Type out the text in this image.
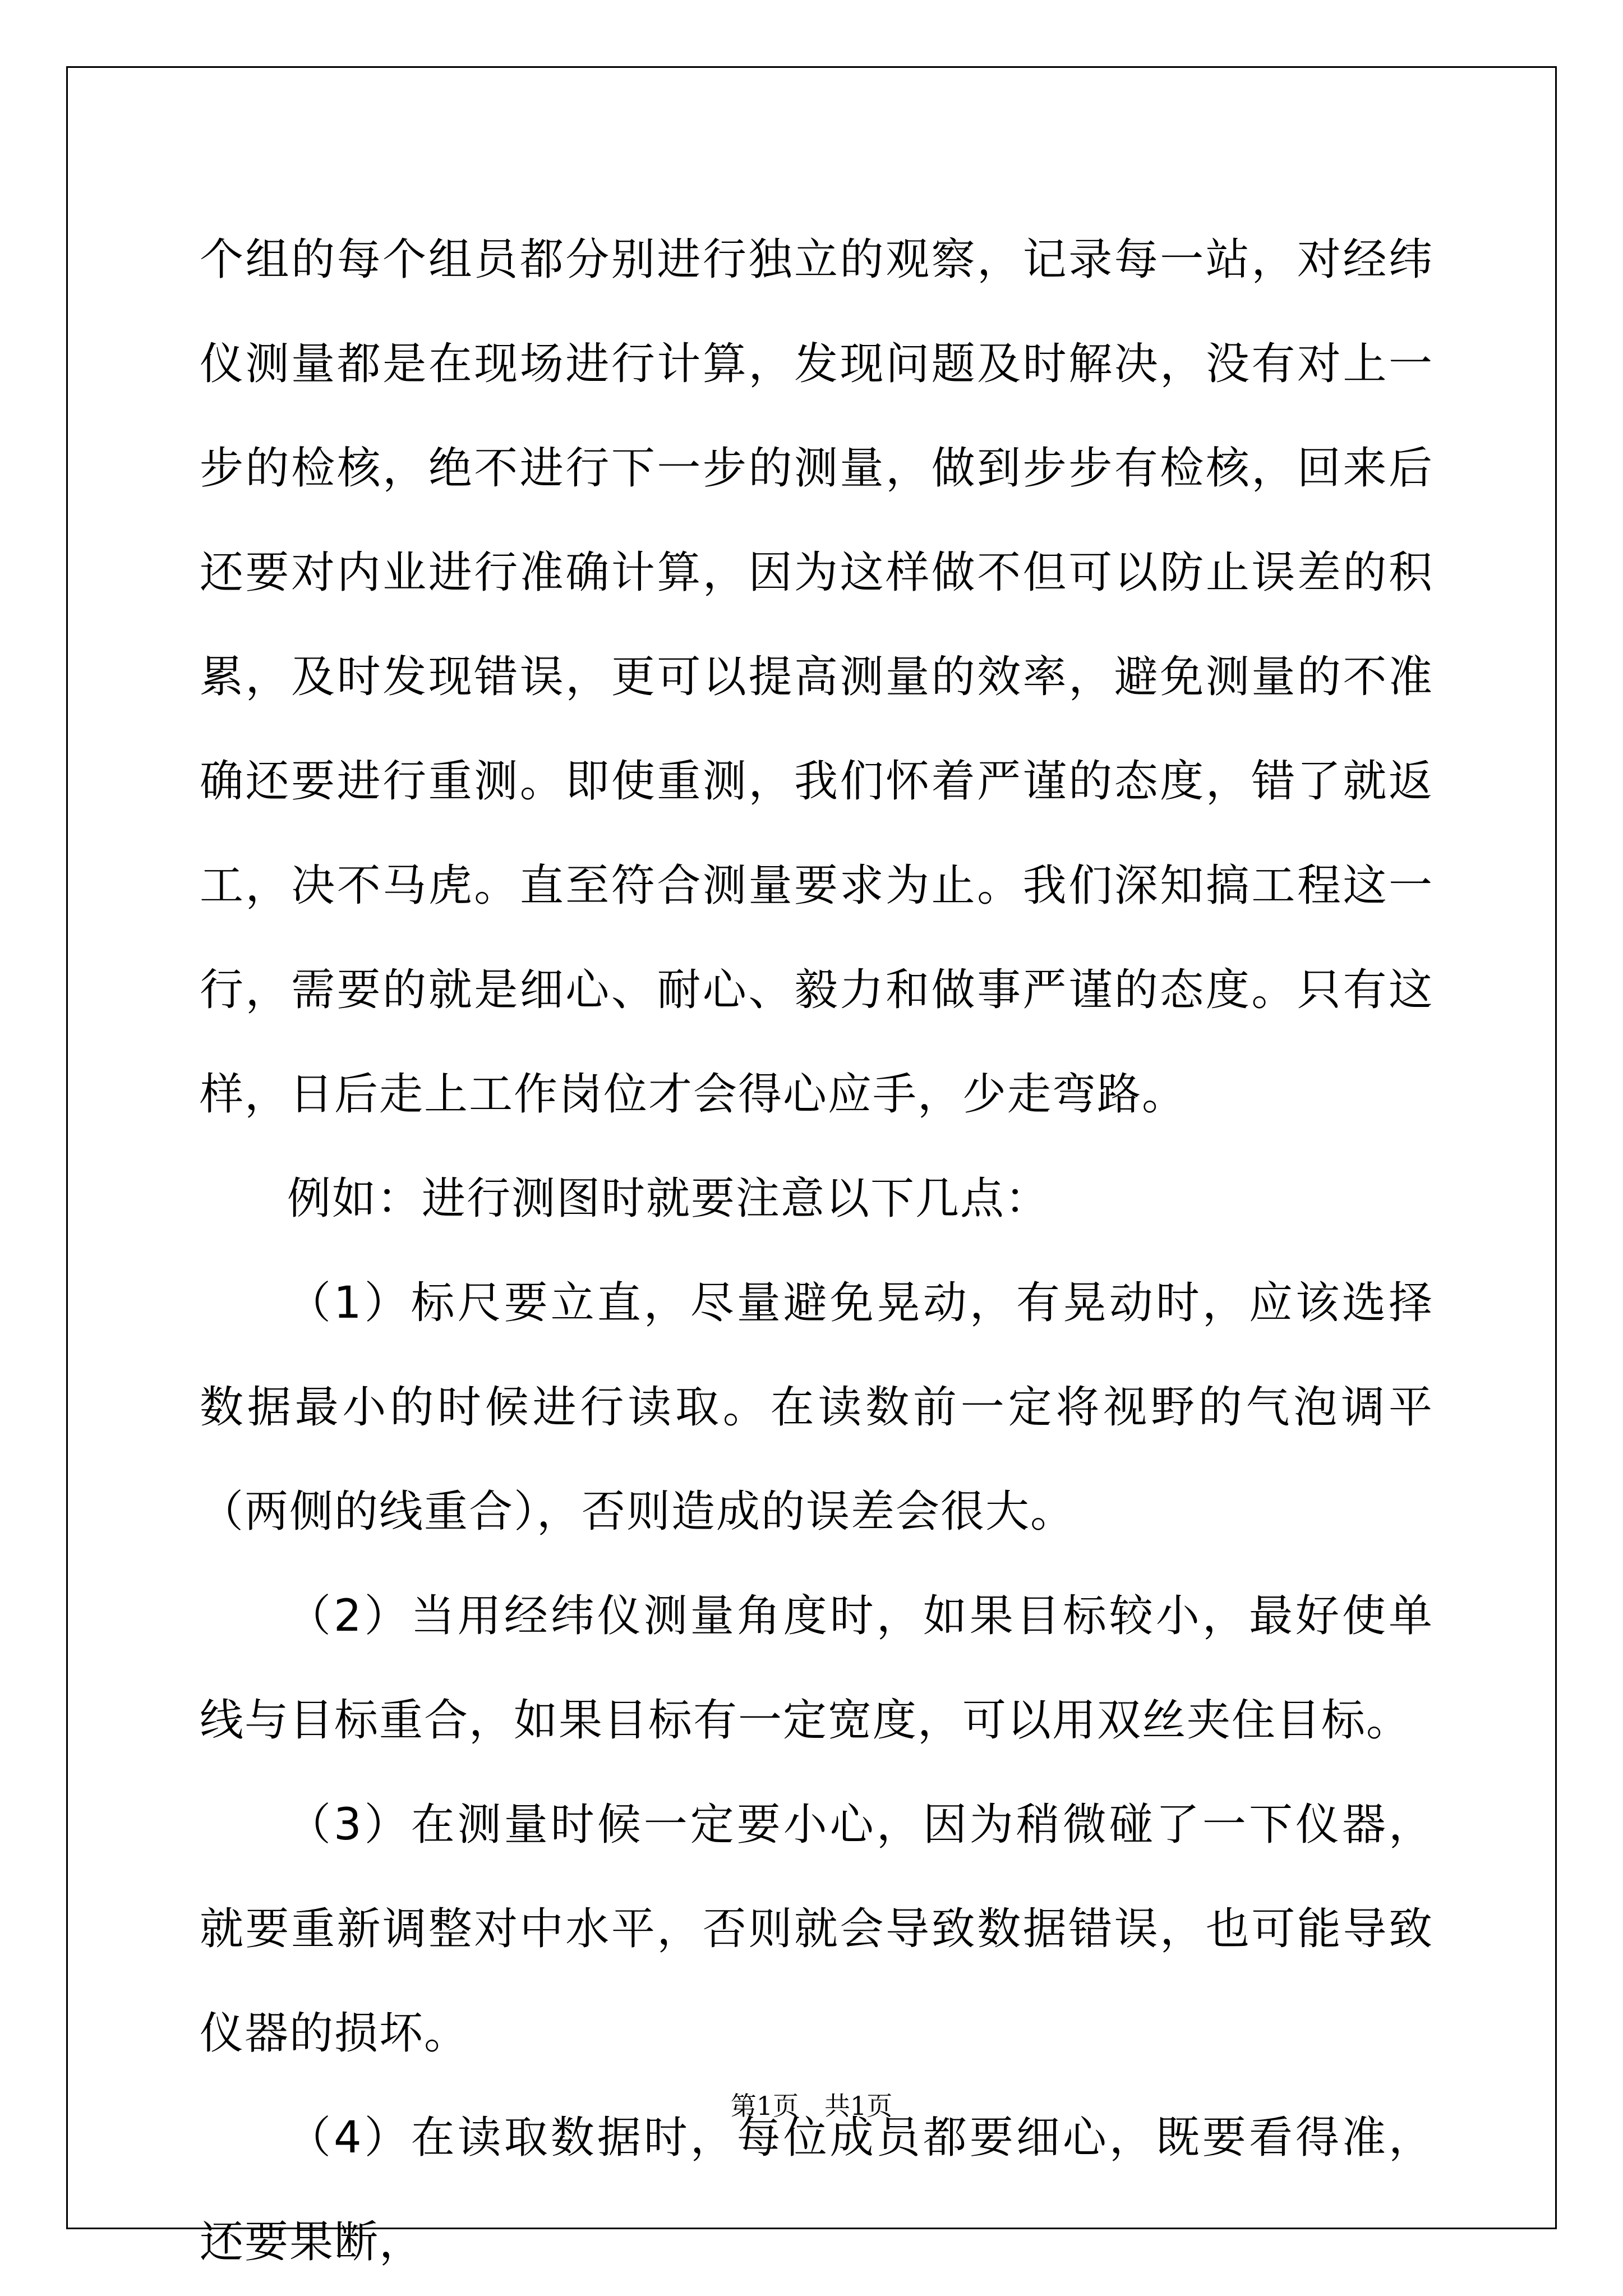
个组的每个组员都分别进行独立的观察，记录每一站，对经纬仪测量都是在现场进行计算，发现问题及时解决，没有对上一步的检核，绝不进行下一步的测量，做到步步有检核，回来后还要对内业进行准确计算，因为这样做不但可以防止误差的积累，及时发现错误，更可以提高测量的效率，避免测量的不准确还要进行重测。即使重测，我们怀着严谨的态度，错了就返工，决不马虎。直至符合测量要求为止。我们深知搞工程这一行，需要的就是细心、耐心、毅力和做事严谨的态度。只有这样，日后走上工作岗位才会得心应手，少走弯路。

例如：进行测图时就要注意以下几点：

（1）标尺要立直，尽量避免晃动，有晃动时，应该选择数据最小的时候进行读取。在读数前一定将视野的气泡调平（两侧的线重合），否则造成的误差会很大。

（2）当用经纬仪测量角度时，如果目标较小，最好使单线与目标重合，如果目标有一定宽度，可以用双丝夹住目标。

（3）在测量时候一定要小心，因为稍微碰了一下仪器，就要重新调整对中水平，否则就会导致数据错误，也可能导致仪器的损坏。

（4）在读取数据时，每位成员都要细心，既要看得准，还要果断，

第1页　共1页
